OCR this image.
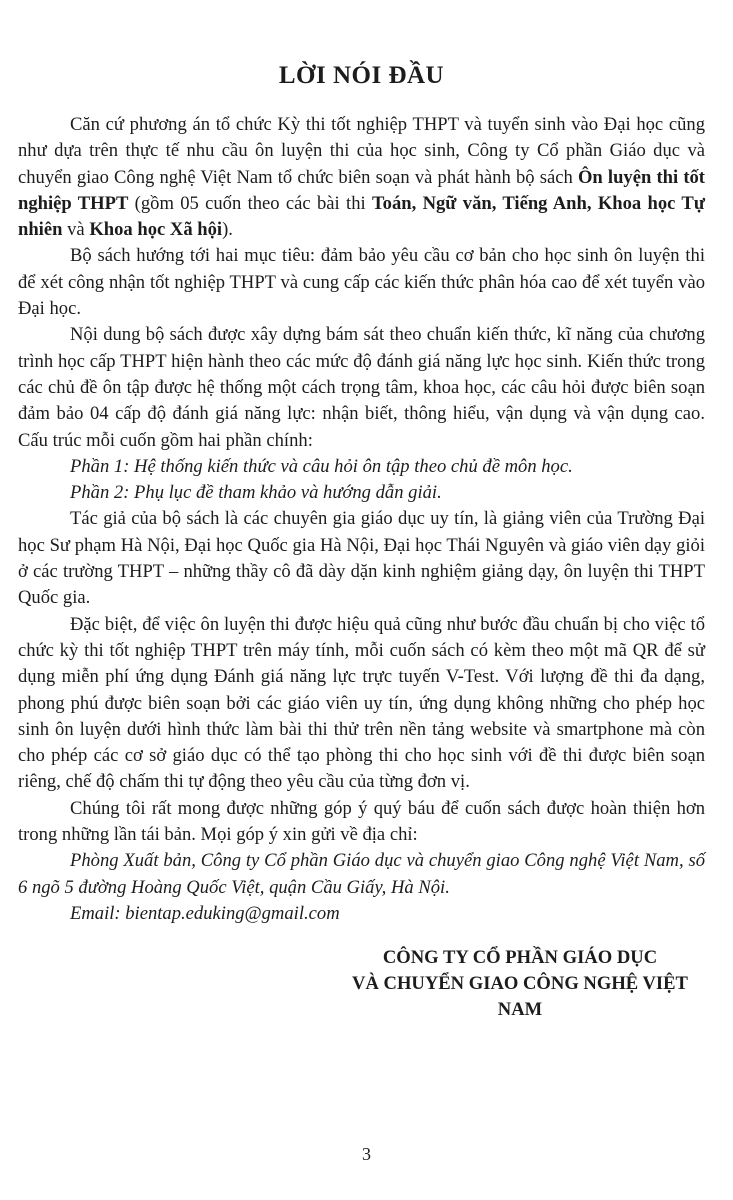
LỜI NÓI ĐẦU

Căn cứ phương án tổ chức Kỳ thi tốt nghiệp THPT và tuyển sinh vào Đại học cũng như dựa trên thực tế nhu cầu ôn luyện thi của học sinh, Công ty Cổ phần Giáo dục và chuyển giao Công nghệ Việt Nam tổ chức biên soạn và phát hành bộ sách Ôn luyện thi tốt nghiệp THPT (gồm 05 cuốn theo các bài thi Toán, Ngữ văn, Tiếng Anh, Khoa học Tự nhiên và Khoa học Xã hội).

Bộ sách hướng tới hai mục tiêu: đảm bảo yêu cầu cơ bản cho học sinh ôn luyện thi để xét công nhận tốt nghiệp THPT và cung cấp các kiến thức phân hóa cao để xét tuyển vào Đại học.

Nội dung bộ sách được xây dựng bám sát theo chuẩn kiến thức, kĩ năng của chương trình học cấp THPT hiện hành theo các mức độ đánh giá năng lực học sinh. Kiến thức trong các chủ đề ôn tập được hệ thống một cách trọng tâm, khoa học, các câu hỏi được biên soạn đảm bảo 04 cấp độ đánh giá năng lực: nhận biết, thông hiểu, vận dụng và vận dụng cao. Cấu trúc mỗi cuốn gồm hai phần chính:

Phần 1: Hệ thống kiến thức và câu hỏi ôn tập theo chủ đề môn học.

Phần 2: Phụ lục đề tham khảo và hướng dẫn giải.

Tác giả của bộ sách là các chuyên gia giáo dục uy tín, là giảng viên của Trường Đại học Sư phạm Hà Nội, Đại học Quốc gia Hà Nội, Đại học Thái Nguyên và giáo viên dạy giỏi ở các trường THPT – những thầy cô đã dày dặn kinh nghiệm giảng dạy, ôn luyện thi THPT Quốc gia.

Đặc biệt, để việc ôn luyện thi được hiệu quả cũng như bước đầu chuẩn bị cho việc tổ chức kỳ thi tốt nghiệp THPT trên máy tính, mỗi cuốn sách có kèm theo một mã QR để sử dụng miễn phí ứng dụng Đánh giá năng lực trực tuyến V-Test. Với lượng đề thi đa dạng, phong phú được biên soạn bởi các giáo viên uy tín, ứng dụng không những cho phép học sinh ôn luyện dưới hình thức làm bài thi thử trên nền tảng website và smartphone mà còn cho phép các cơ sở giáo dục có thể tạo phòng thi cho học sinh với đề thi được biên soạn riêng, chế độ chấm thi tự động theo yêu cầu của từng đơn vị.

Chúng tôi rất mong được những góp ý quý báu để cuốn sách được hoàn thiện hơn trong những lần tái bản. Mọi góp ý xin gửi về địa chỉ:

Phòng Xuất bản, Công ty Cổ phần Giáo dục và chuyển giao Công nghệ Việt Nam, số 6 ngõ 5 đường Hoàng Quốc Việt, quận Cầu Giấy, Hà Nội.

Email: bientap.eduking@gmail.com

CÔNG TY CỔ PHẦN GIÁO DỤC
VÀ CHUYỂN GIAO CÔNG NGHỆ VIỆT NAM
3
